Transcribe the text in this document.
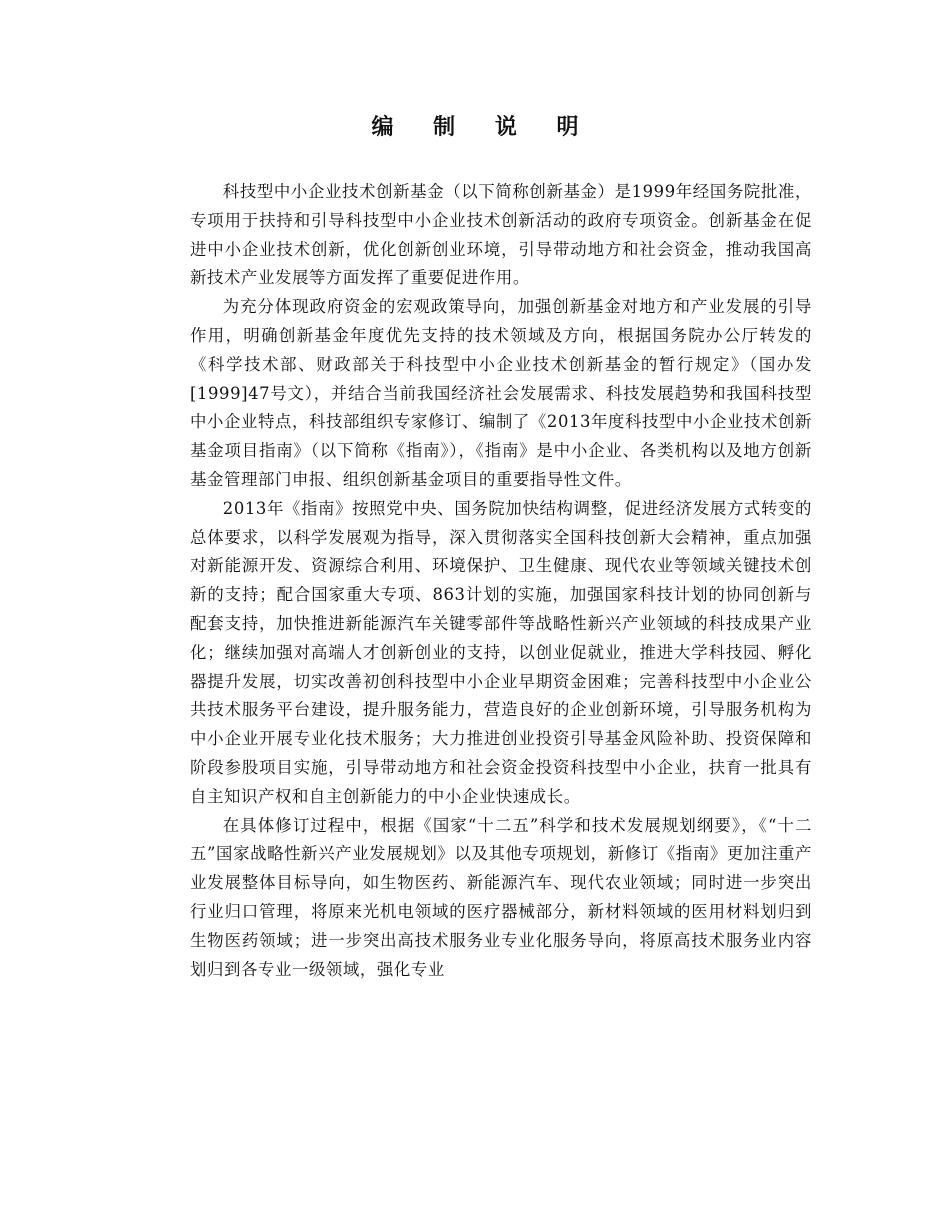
编 制 说 明

科技型中小企业技术创新基金（以下简称创新基金）是1999年经国务院批准，专项用于扶持和引导科技型中小企业技术创新活动的政府专项资金。创新基金在促进中小企业技术创新，优化创新创业环境，引导带动地方和社会资金，推动我国高新技术产业发展等方面发挥了重要促进作用。

为充分体现政府资金的宏观政策导向，加强创新基金对地方和产业发展的引导作用，明确创新基金年度优先支持的技术领域及方向，根据国务院办公厅转发的《科学技术部、财政部关于科技型中小企业技术创新基金的暂行规定》（国办发[1999]47号文），并结合当前我国经济社会发展需求、科技发展趋势和我国科技型中小企业特点，科技部组织专家修订、编制了《2013年度科技型中小企业技术创新基金项目指南》（以下简称《指南》），《指南》是中小企业、各类机构以及地方创新基金管理部门申报、组织创新基金项目的重要指导性文件。

2013年《指南》按照党中央、国务院加快结构调整，促进经济发展方式转变的总体要求，以科学发展观为指导，深入贯彻落实全国科技创新大会精神，重点加强对新能源开发、资源综合利用、环境保护、卫生健康、现代农业等领域关键技术创新的支持；配合国家重大专项、863计划的实施，加强国家科技计划的协同创新与配套支持，加快推进新能源汽车关键零部件等战略性新兴产业领域的科技成果产业化；继续加强对高端人才创新创业的支持，以创业促就业，推进大学科技园、孵化器提升发展，切实改善初创科技型中小企业早期资金困难；完善科技型中小企业公共技术服务平台建设，提升服务能力，营造良好的企业创新环境，引导服务机构为中小企业开展专业化技术服务；大力推进创业投资引导基金风险补助、投资保障和阶段参股项目实施，引导带动地方和社会资金投资科技型中小企业，扶育一批具有自主知识产权和自主创新能力的中小企业快速成长。

在具体修订过程中，根据《国家“十二五”科学和技术发展规划纲要》，《“十二五”国家战略性新兴产业发展规划》以及其他专项规划，新修订《指南》更加注重产业发展整体目标导向，如生物医药、新能源汽车、现代农业领域；同时进一步突出行业归口管理，将原来光机电领域的医疗器械部分，新材料领域的医用材料划归到生物医药领域；进一步突出高技术服务业专业化服务导向，将原高技术服务业内容划归到各专业一级领域，强化专业
